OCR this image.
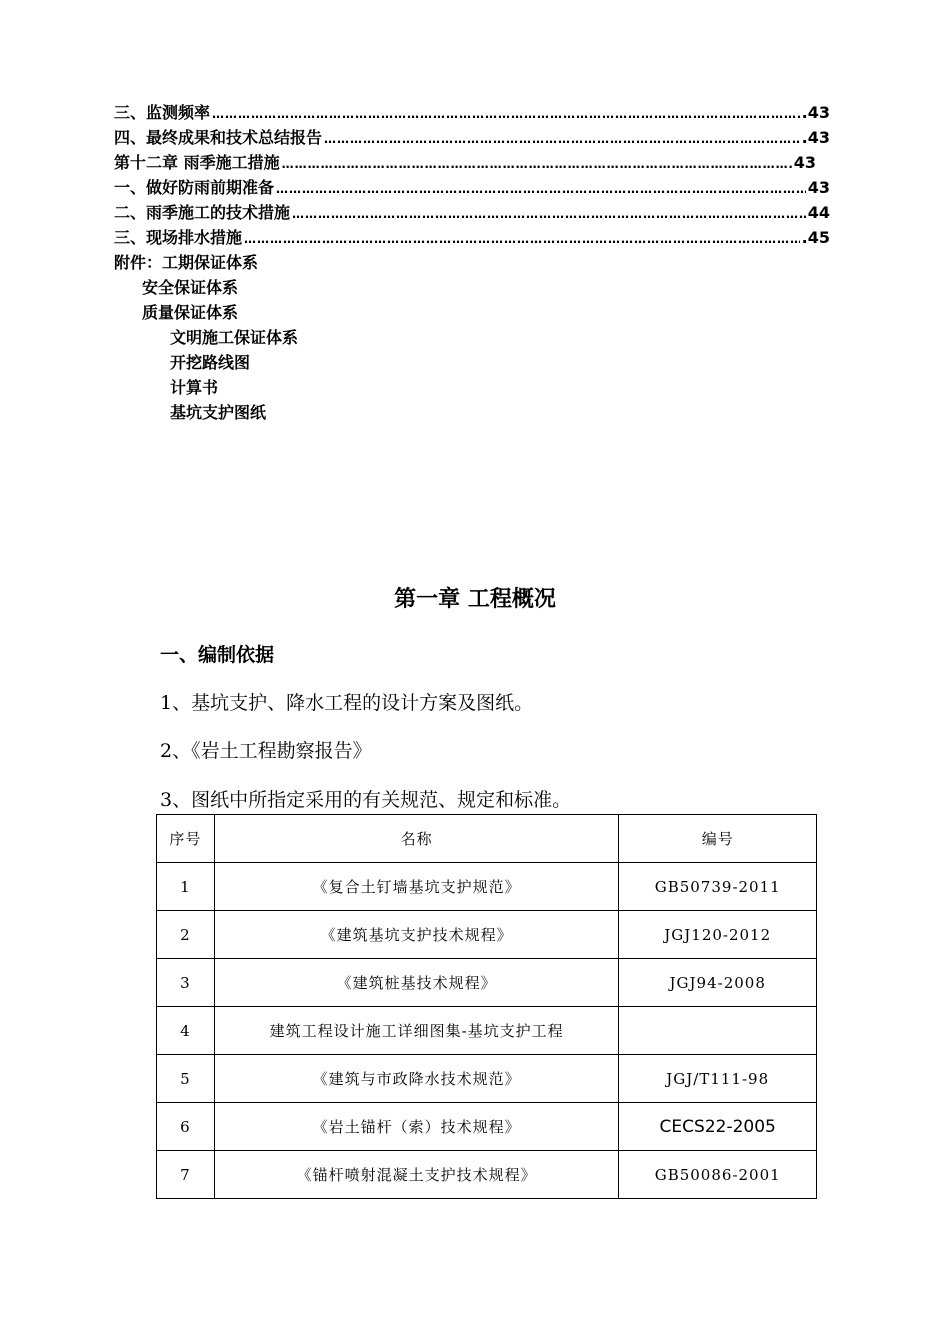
三、监测频率 …………………………………………………………………………………………………………………………………………………………	.43
四、最终成果和技术总结报告 …………………………………………………………………………………………………………………………………………………………	.43
第十二章 雨季施工措施 …………………………………………………………………………………………………………………………………………………………	43
一、做好防雨前期准备 …………………………………………………………………………………………………………………………………………………………	43
二、雨季施工的技术措施 …………………………………………………………………………………………………………………………………………………………	44
三、现场排水措施 …………………………………………………………………………………………………………………………………………………………	.45
附件：工期保证体系
安全保证体系
质量保证体系
文明施工保证体系
开挖路线图
计算书
基坑支护图纸
第一章 工程概况
一、编制依据
1、基坑支护、降水工程的设计方案及图纸。
2、《岩土工程勘察报告》
3、图纸中所指定采用的有关规范、规定和标准。
序号	名称	编号
1	《复合土钉墙基坑支护规范》	GB50739-2011
2	《建筑基坑支护技术规程》	JGJ120-2012
3	《建筑桩基技术规程》	JGJ94-2008
4	建筑工程设计施工详细图集-基坑支护工程	
5	《建筑与市政降水技术规范》	JGJ/T111-98
6	《岩土锚杆（索）技术规程》	CECS22-2005
7	《锚杆喷射混凝土支护技术规程》	GB50086-2001
